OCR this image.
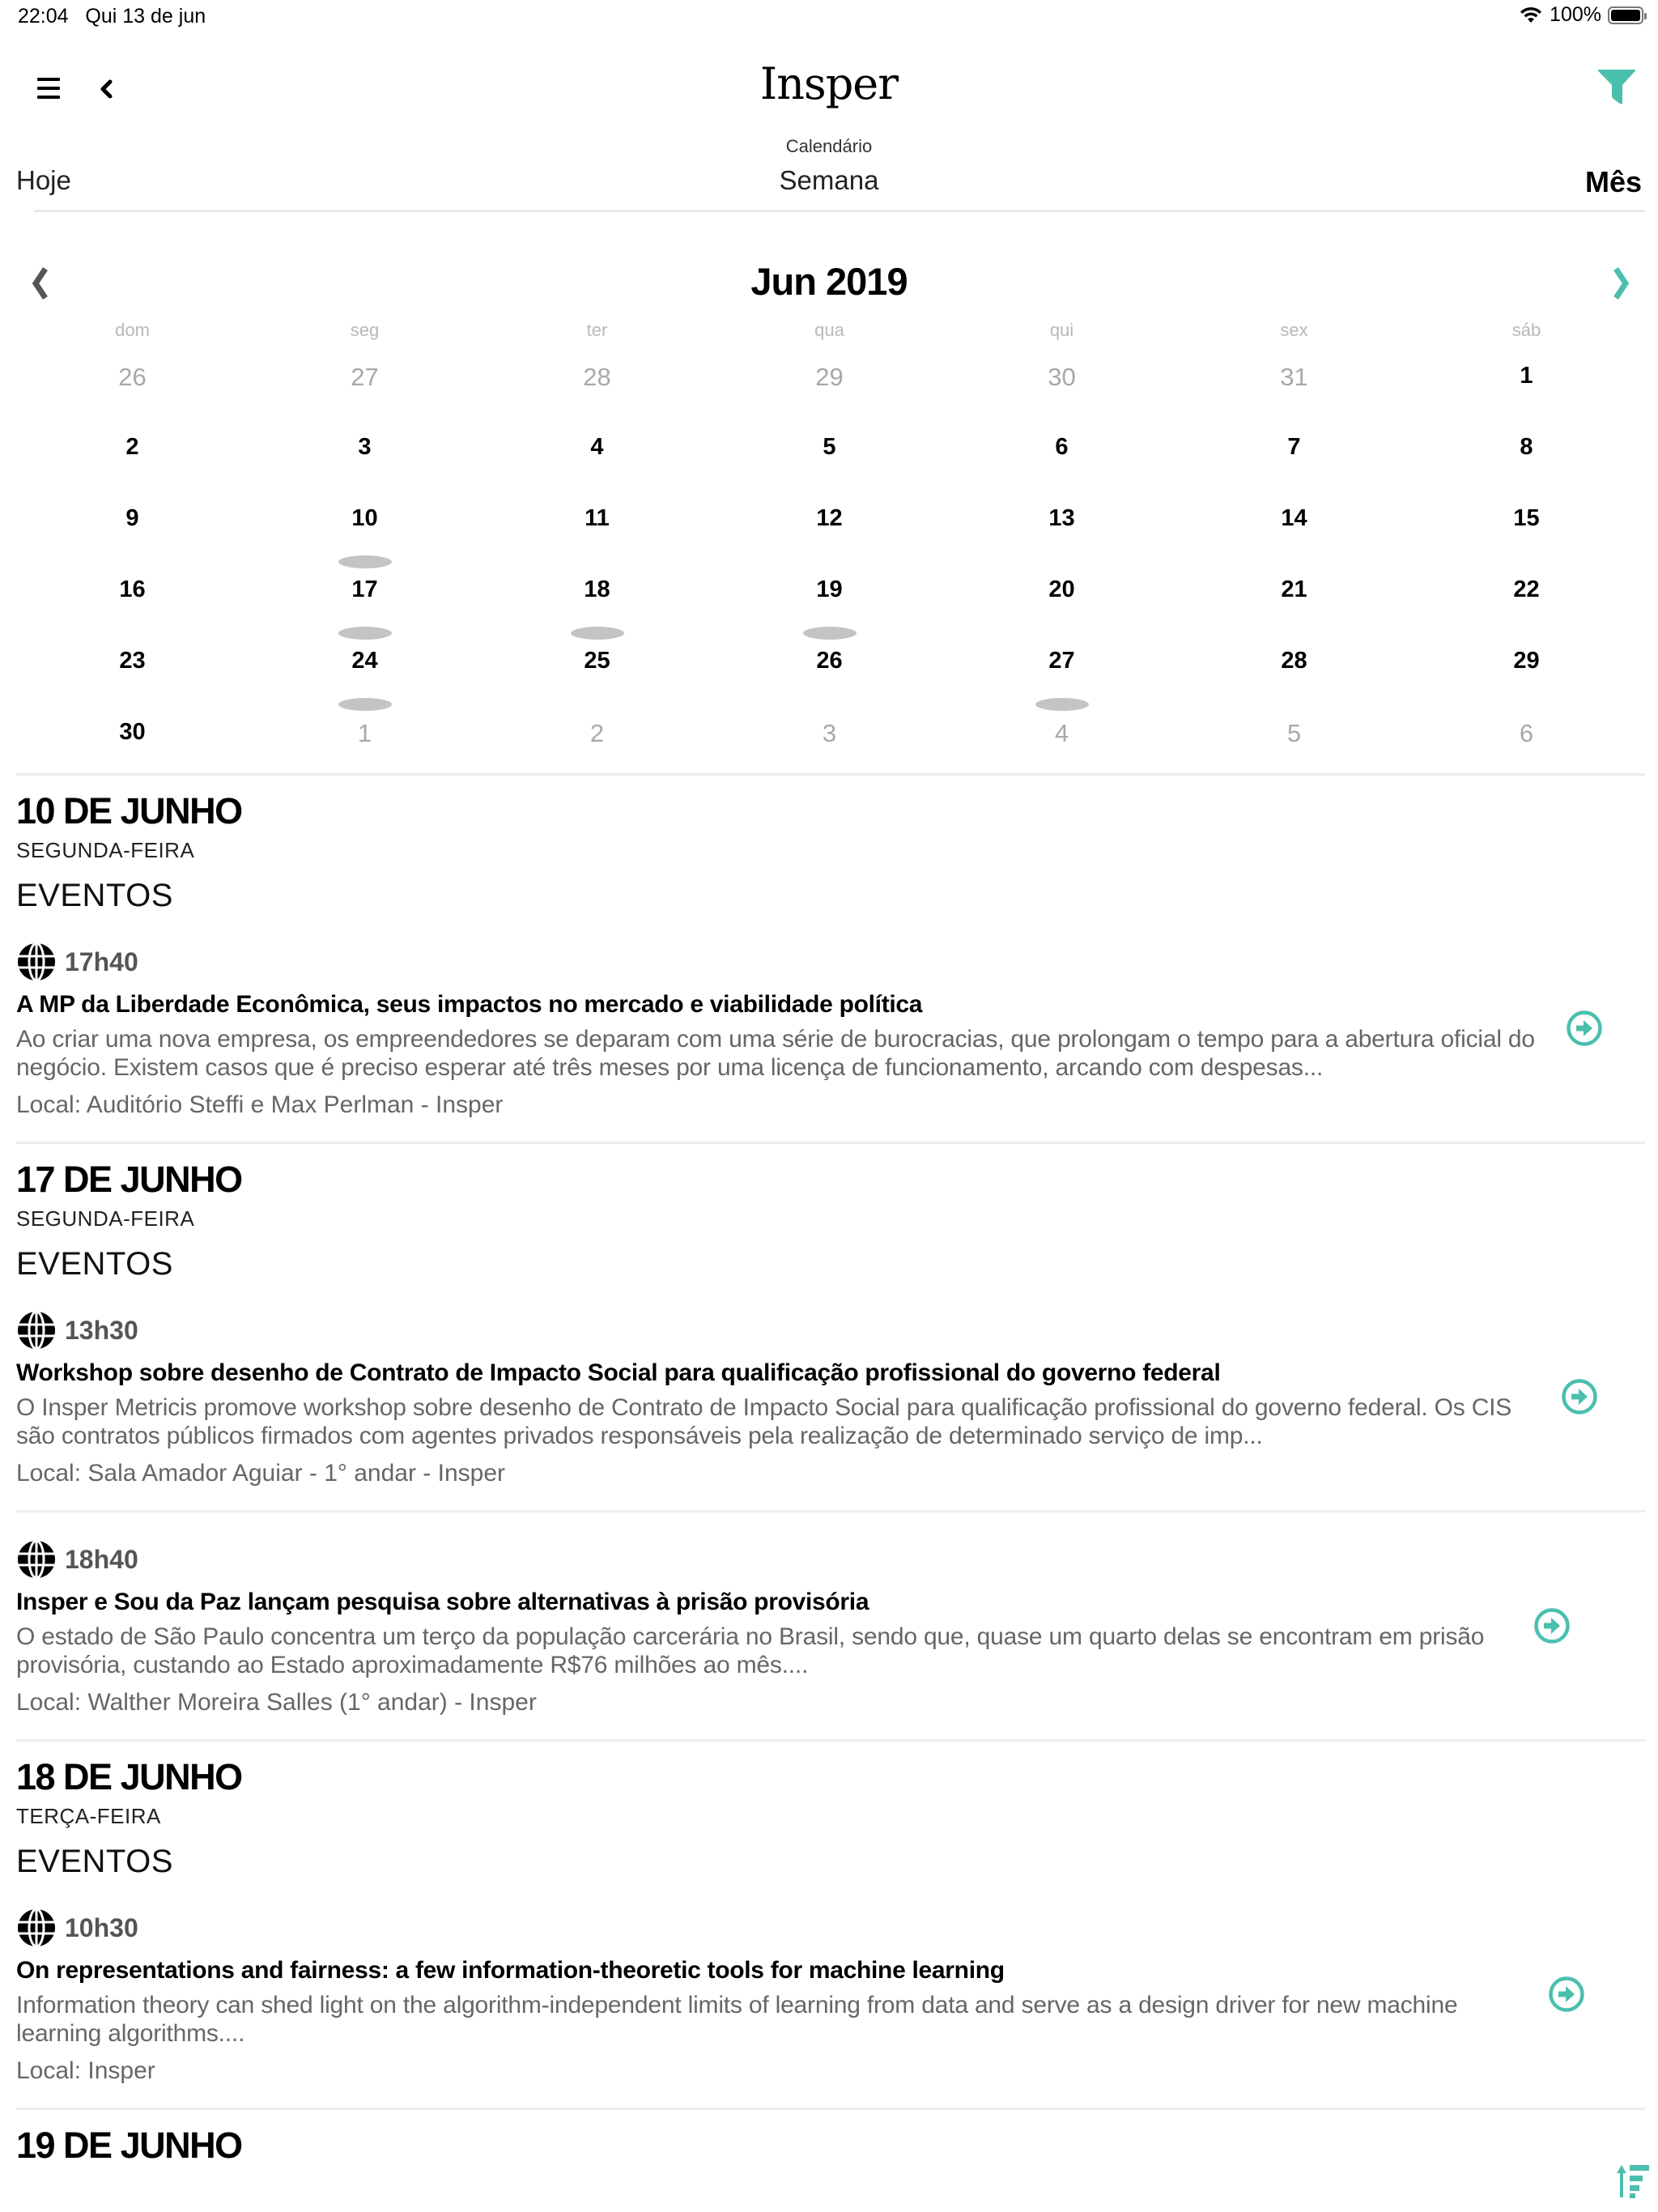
22:04 Qui 13 de jun	100%
Insper
Calendário
Hoje	Semana	Mês
Jun 2019
dom	seg	ter	qua	qui	sex	sáb
26	27	28	29	30	31	1
2	3	4	5	6	7	8
9	10	11	12	13	14	15
16	17	18	19	20	21	22
23	24	25	26	27	28	29
30	1	2	3	4	5	6
10 DE JUNHO
SEGUNDA-FEIRA
EVENTOS
17h40
A MP da Liberdade Econômica, seus impactos no mercado e viabilidade política
Ao criar uma nova empresa, os empreendedores se deparam com uma série de burocracias, que prolongam o tempo para a abertura oficial do negócio. Existem casos que é preciso esperar até três meses por uma licença de funcionamento, arcando com despesas...
Local: Auditório Steffi e Max Perlman - Insper
17 DE JUNHO
SEGUNDA-FEIRA
EVENTOS
13h30
Workshop sobre desenho de Contrato de Impacto Social para qualificação profissional do governo federal
O Insper Metricis promove workshop sobre desenho de Contrato de Impacto Social para qualificação profissional do governo federal. Os CIS são contratos públicos firmados com agentes privados responsáveis pela realização de determinado serviço de imp...
Local: Sala Amador Aguiar - 1° andar - Insper
18h40
Insper e Sou da Paz lançam pesquisa sobre alternativas à prisão provisória
O estado de São Paulo concentra um terço da população carcerária no Brasil, sendo que, quase um quarto delas se encontram em prisão provisória, custando ao Estado aproximadamente R$76 milhões ao mês....
Local: Walther Moreira Salles (1° andar) - Insper
18 DE JUNHO
TERÇA-FEIRA
EVENTOS
10h30
On representations and fairness: a few information-theoretic tools for machine learning
Information theory can shed light on the algorithm-independent limits of learning from data and serve as a design driver for new machine learning algorithms....
Local: Insper
19 DE JUNHO
